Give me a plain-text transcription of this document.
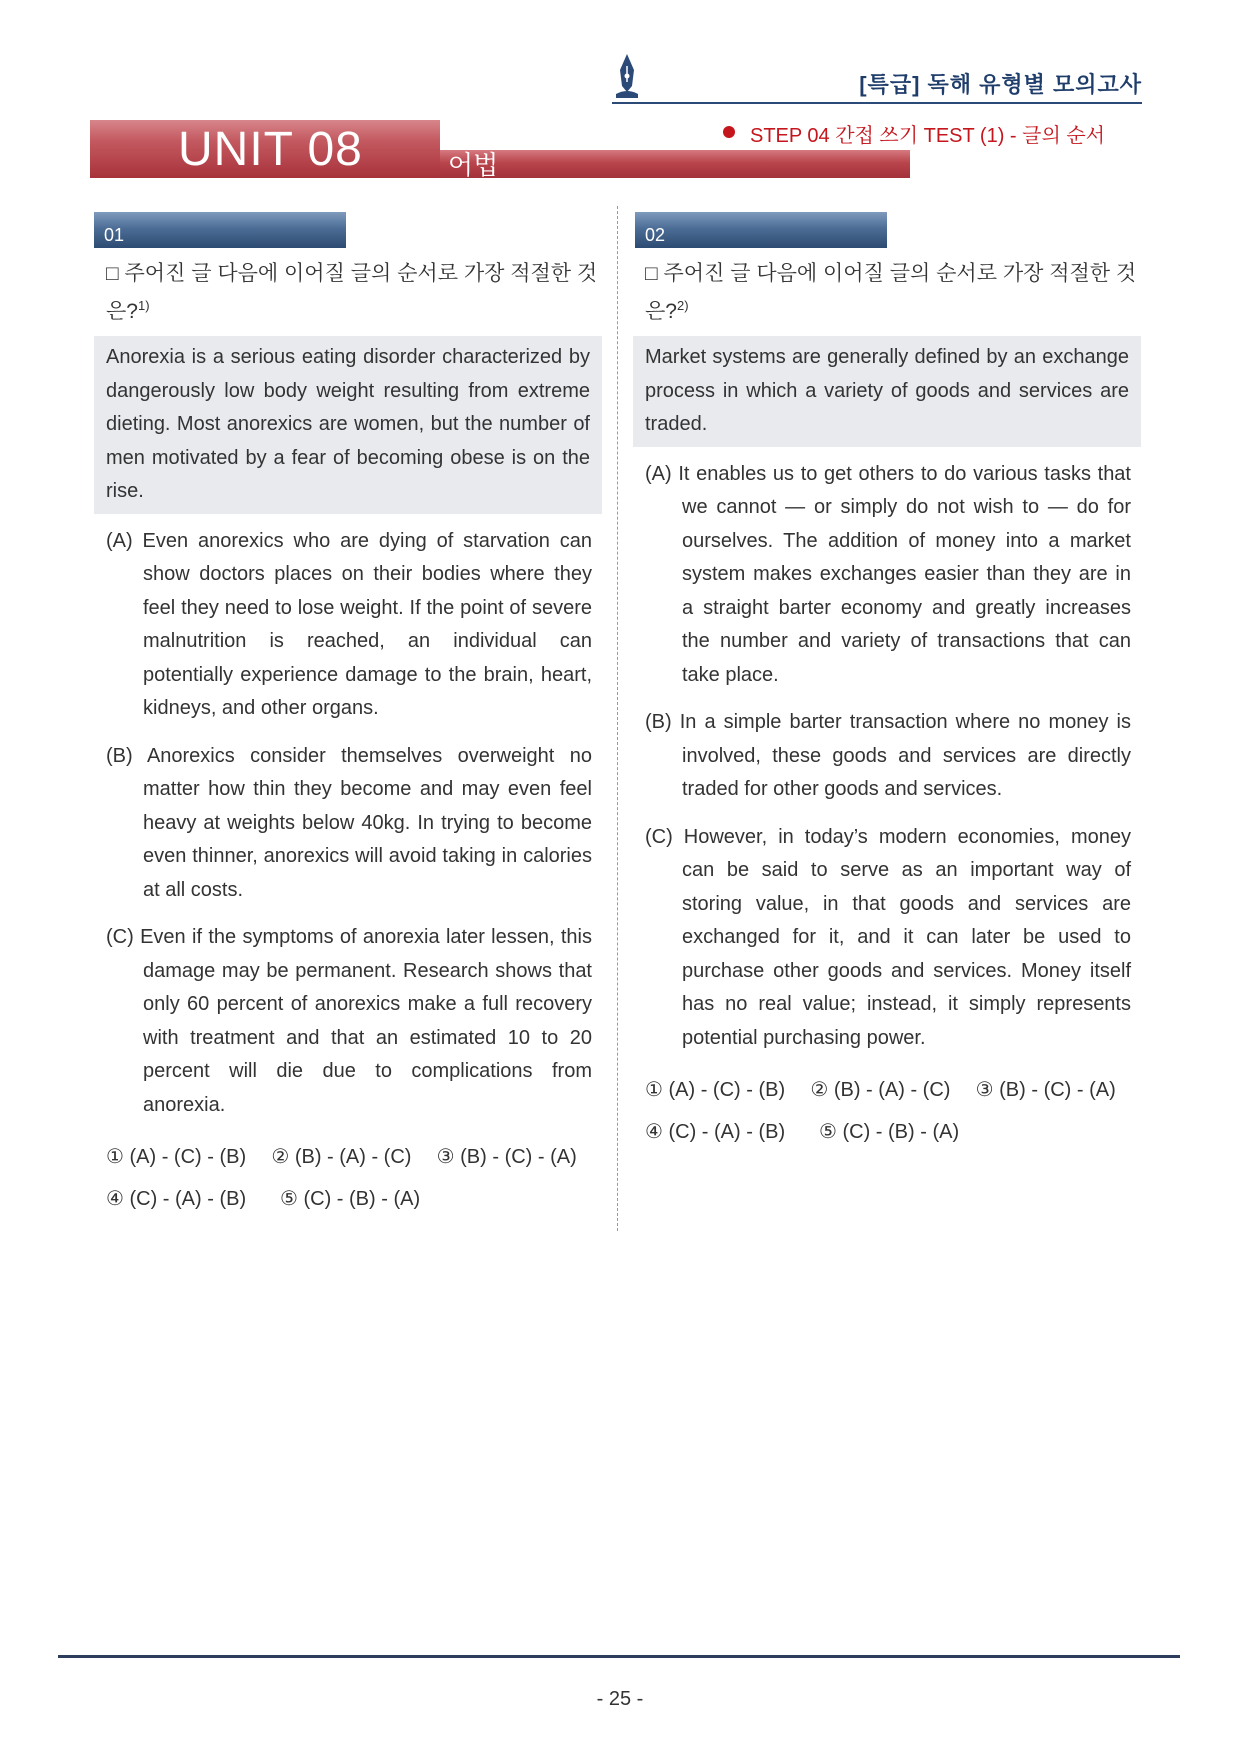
[특급] 독해 유형별 모의고사
UNIT 08	어법
STEP 04 간접 쓰기 TEST (1) - 글의 순서
01
□ 주어진 글 다음에 이어질 글의 순서로 가장 적절한 것은?$^{1)}$
Anorexia is a serious eating disorder characterized by dangerously low body weight resulting from extreme dieting. Most anorexics are women, but the number of men motivated by a fear of becoming obese is on the rise.
(A) Even anorexics who are dying of starvation can show doctors places on their bodies where they feel they need to lose weight. If the point of severe malnutrition is reached, an individual can potentially experience damage to the brain, heart, kidneys, and other organs.
(B) Anorexics consider themselves overweight no matter how thin they become and may even feel heavy at weights below 40kg. In trying to become even thinner, anorexics will avoid taking in calories at all costs.
(C) Even if the symptoms of anorexia later lessen, this damage may be permanent. Research shows that only 60 percent of anorexics make a full recovery with treatment and that an estimated 10 to 20 percent will die due to complications from anorexia.
① (A) - (C) - (B)	② (B) - (A) - (C)	③ (B) - (C) - (A)
④ (C) - (A) - (B)	⑤ (C) - (B) - (A)
02
□ 주어진 글 다음에 이어질 글의 순서로 가장 적절한 것은?$^{2)}$
Market systems are generally defined by an exchange process in which a variety of goods and services are traded.
(A) It enables us to get others to do various tasks that we cannot — or simply do not wish to — do for ourselves. The addition of money into a market system makes exchanges easier than they are in a straight barter economy and greatly increases the number and variety of transactions that can take place.
(B) In a simple barter transaction where no money is involved, these goods and services are directly traded for other goods and services.
(C) However, in today’s modern economies, money can be said to serve as an important way of storing value, in that goods and services are exchanged for it, and it can later be used to purchase other goods and services. Money itself has no real value; instead, it simply represents potential purchasing power.
① (A) - (C) - (B)	② (B) - (A) - (C)	③ (B) - (C) - (A)
④ (C) - (A) - (B)	⑤ (C) - (B) - (A)
- 25 -
